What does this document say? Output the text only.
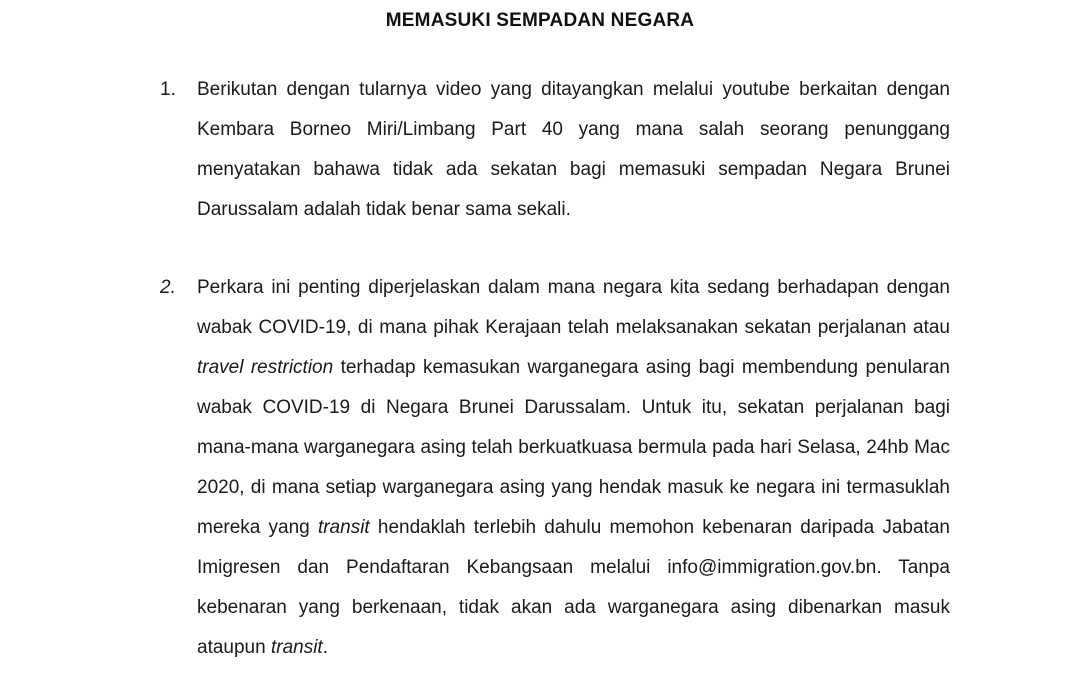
MEMASUKI SEMPADAN NEGARA
1.	Berikutan dengan tularnya video yang ditayangkan melalui youtube berkaitan dengan Kembara Borneo Miri/Limbang Part 40 yang mana salah seorang penunggang menyatakan bahawa tidak ada sekatan bagi memasuki sempadan Negara Brunei Darussalam adalah tidak benar sama sekali.
2.	Perkara ini penting diperjelaskan dalam mana negara kita sedang berhadapan dengan wabak COVID-19, di mana pihak Kerajaan telah melaksanakan sekatan perjalanan atau travel restriction terhadap kemasukan warganegara asing bagi membendung penularan wabak COVID-19 di Negara Brunei Darussalam. Untuk itu, sekatan perjalanan bagi mana-mana warganegara asing telah berkuatkuasa bermula pada hari Selasa, 24hb Mac 2020, di mana setiap warganegara asing yang hendak masuk ke negara ini termasuklah mereka yang transit hendaklah terlebih dahulu memohon kebenaran daripada Jabatan Imigresen dan Pendaftaran Kebangsaan melalui info@immigration.gov.bn. Tanpa kebenaran yang berkenaan, tidak akan ada warganegara asing dibenarkan masuk ataupun transit.
